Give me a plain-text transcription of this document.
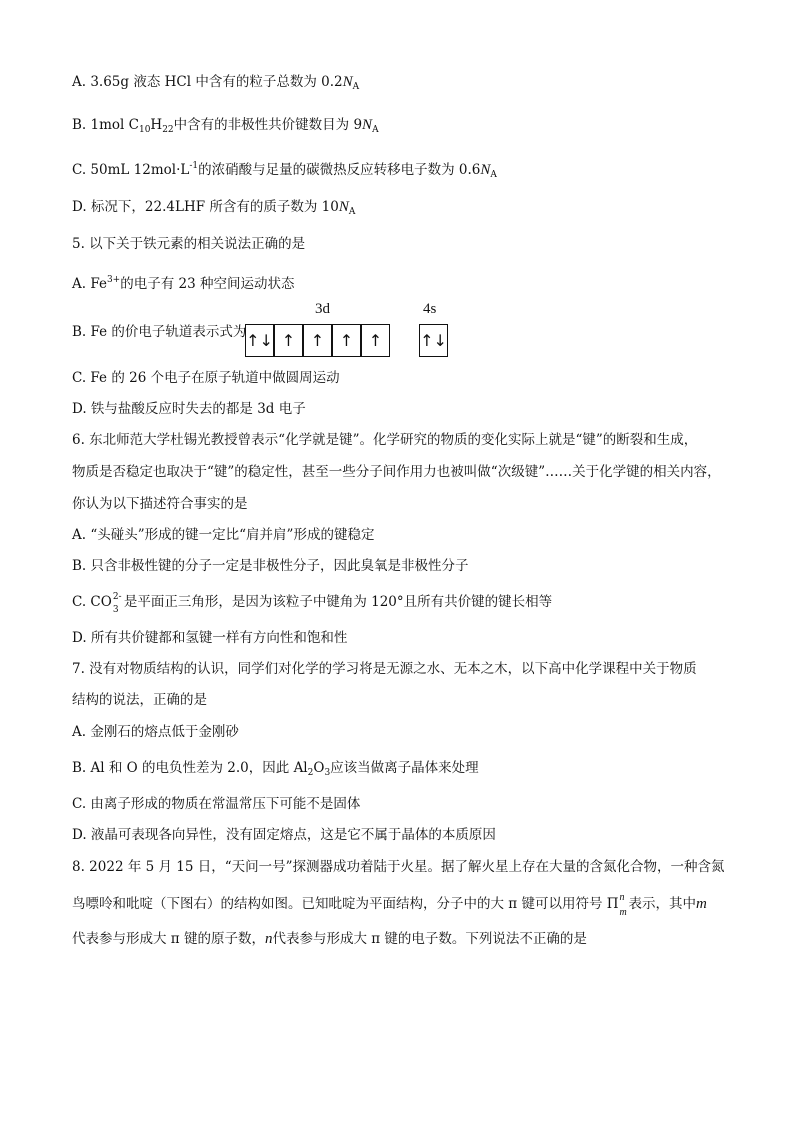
A. 3.65g 液态 HCl 中含有的粒子总数为 $0.2N_A$
B. 1mol $C_{10}H_{22}$中含有的非极性共价键数目为 $9N_A$
C. 50mL $12mol\cdot L^{-1}$的浓硝酸与足量的碳微热反应转移电子数为 $0.6N_A$
D. 标况下，22.4LHF 所含有的质子数为 $10N_A$
5. 以下关于铁元素的相关说法正确的是
A. $Fe^{3+}$的电子有 23 种空间运动状态
B. Fe 的价电子轨道表示式为
3d	4s
↑↓ ↑ ↑ ↑ ↑	↑↓
C. Fe 的 26 个电子在原子轨道中做圆周运动
D. 铁与盐酸反应时失去的都是 3d 电子
6. 东北师范大学杜锡光教授曾表示“化学就是键”。化学研究的物质的变化实际上就是“键”的断裂和生成，
物质是否稳定也取决于“键”的稳定性，甚至一些分子间作用力也被叫做“次级键”……关于化学键的相关内容，
你认为以下描述符合事实的是
A. “头碰头”形成的键一定比“肩并肩”形成的键稳定
B. 只含非极性键的分子一定是非极性分子，因此臭氧是非极性分子
C. CO 2-
3 是平面正三角形，是因为该粒子中键角为 120°且所有共价键的键长相等
D. 所有共价键都和氢键一样有方向性和饱和性
7. 没有对物质结构的认识，同学们对化学的学习将是无源之水、无本之木，以下高中化学课程中关于物质
结构的说法，正确的是
A. 金刚石的熔点低于金刚砂
B. Al 和 O 的电负性差为 2.0，因此 $Al_2O_3$应该当做离子晶体来处理
C. 由离子形成的物质在常温常压下可能不是固体
D. 液晶可表现各向异性，没有固定熔点，这是它不属于晶体的本质原因
8. 2022 年 5 月 15 日，“天问一号”探测器成功着陆于火星。据了解火星上存在大量的含氮化合物，一种含氮
鸟嘌呤和吡啶（下图右）的结构如图。已知吡啶为平面结构，分子中的大 π 键可以用符号 Π n
m
表示，其中m
代表参与形成大 π 键的原子数，n代表参与形成大 π 键的电子数。下列说法不正确的是
